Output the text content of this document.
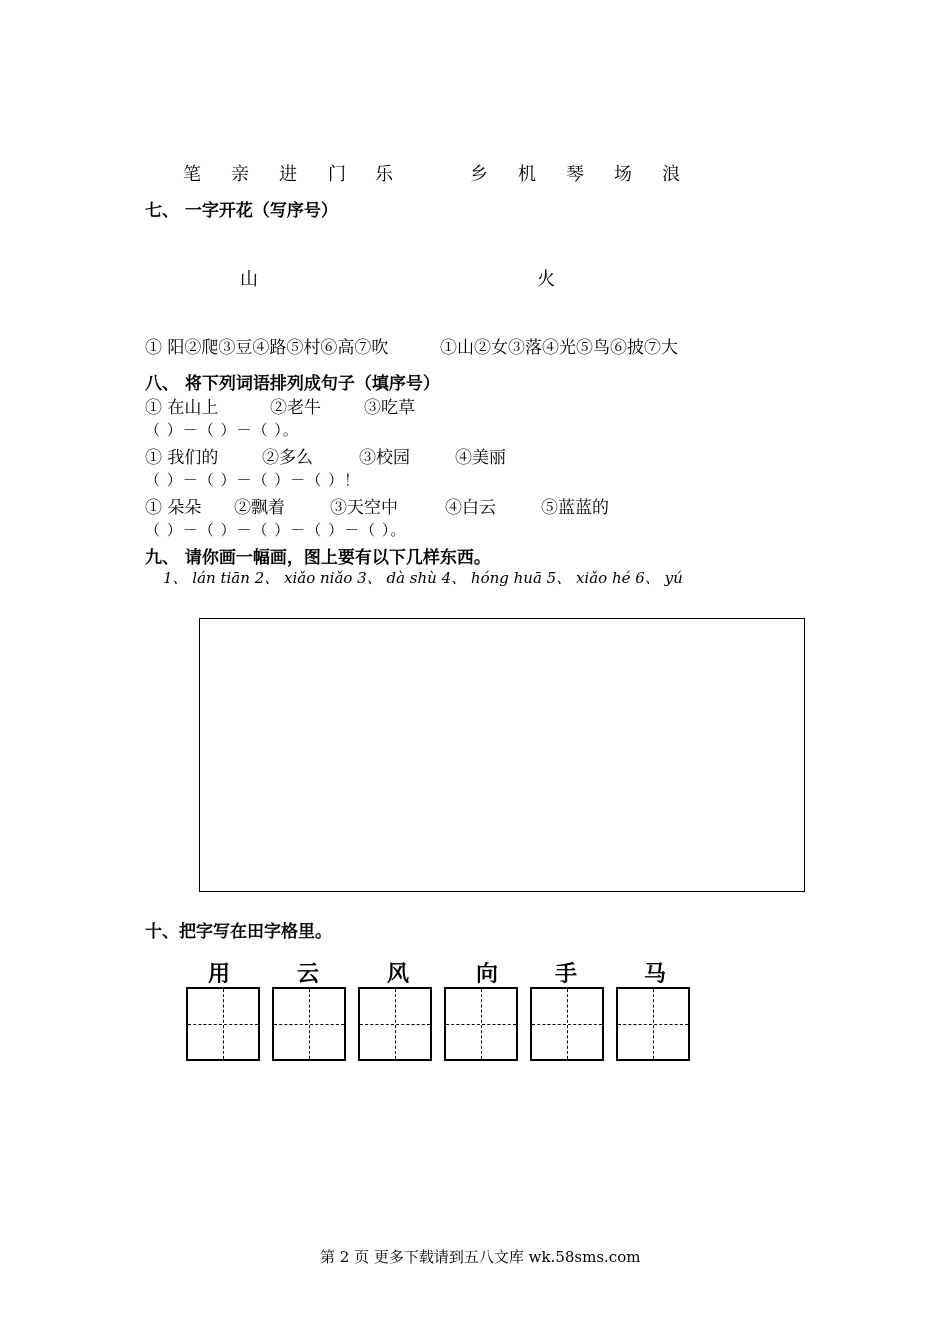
笔 亲 进 门 乐	乡 机 琴 场 浪
七、 一字开花（写序号）
山	火
① 阳②爬③豆④路⑤村⑥高⑦吹	①山②女③落④光⑤鸟⑥披⑦大
八、 将下列词语排列成句子（填序号）
① 在山上	②老牛	③吃草
（ ）－（ ）－（ ）。
① 我们的	②多么	③校园	④美丽
（ ）－（ ）－（ ）－（ ）！
① 朵朵 ②飘着	③天空中	④白云	⑤蓝蓝的
（ ）－（ ）－（ ）－（ ）－（ ）。
九、 请你画一幅画，图上要有以下几样东西。
1、 lán tiān 2、 xiǎo niǎo 3、 dà shù 4、 hóng huā 5、 xiǎo hé 6、 yú
十、把字写在田字格里。
用	云	风	向	手	马
第 2 页 更多下载请到五八文库 wk.58sms.com
